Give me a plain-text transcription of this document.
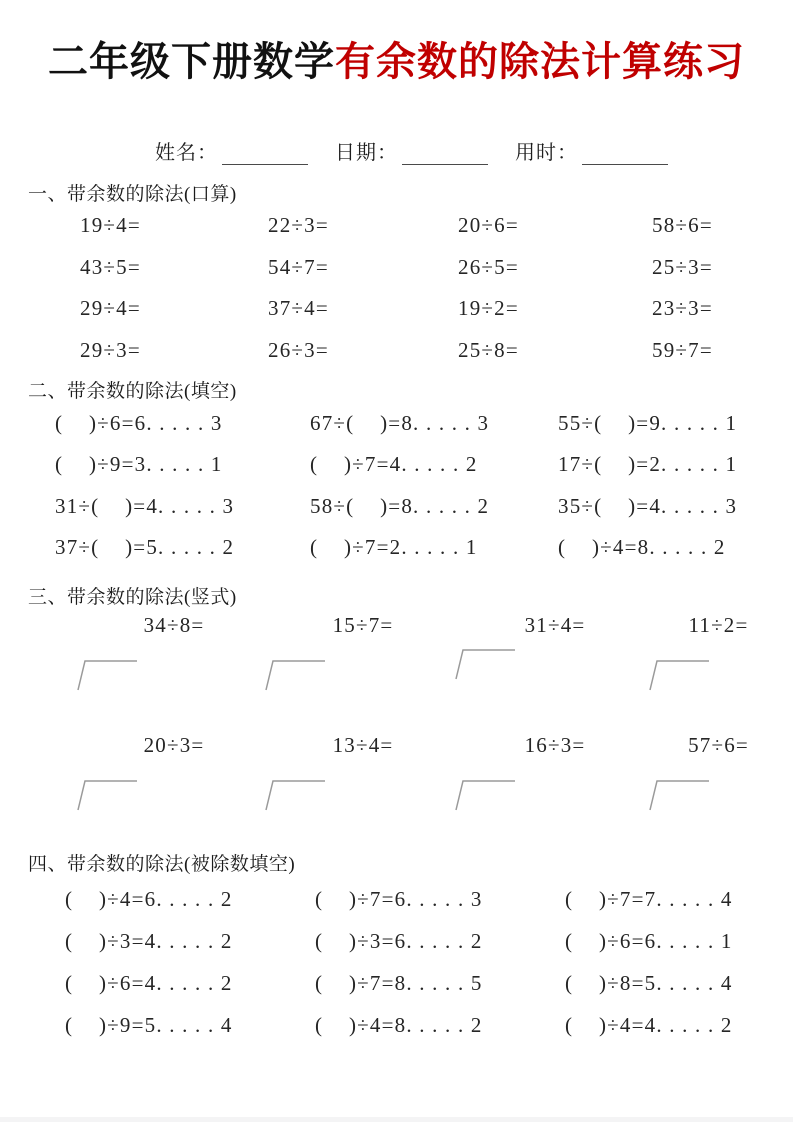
二年级下册数学有余数的除法计算练习
姓名：	日期：	用时：
一、带余数的除法(口算)
19÷4=	22÷3=	20÷6=	58÷6=
43÷5=	54÷7=	26÷5=	25÷3=
29÷4=	37÷4=	19÷2=	23÷3=
29÷3=	26÷3=	25÷8=	59÷7=
二、带余数的除法(填空)
(    )÷6=6. . . . . 3	67÷(    )=8. . . . . 3	55÷(    )=9. . . . . 1
(    )÷9=3. . . . . 1	(    )÷7=4. . . . . 2	17÷(    )=2. . . . . 1
31÷(    )=4. . . . . 3	58÷(    )=8. . . . . 2	35÷(    )=4. . . . . 3
37÷(    )=5. . . . . 2	(    )÷7=2. . . . . 1	(    )÷4=8. . . . . 2
三、带余数的除法(竖式)
34÷8=	15÷7=	31÷4=	11÷2=
20÷3=	13÷4=	16÷3=	57÷6=
四、带余数的除法(被除数填空)
(    )÷4=6. . . . . 2	(    )÷7=6. . . . . 3	(    )÷7=7. . . . . 4
(    )÷3=4. . . . . 2	(    )÷3=6. . . . . 2	(    )÷6=6. . . . . 1
(    )÷6=4. . . . . 2	(    )÷7=8. . . . . 5	(    )÷8=5. . . . . 4
(    )÷9=5. . . . . 4	(    )÷4=8. . . . . 2	(    )÷4=4. . . . . 2
